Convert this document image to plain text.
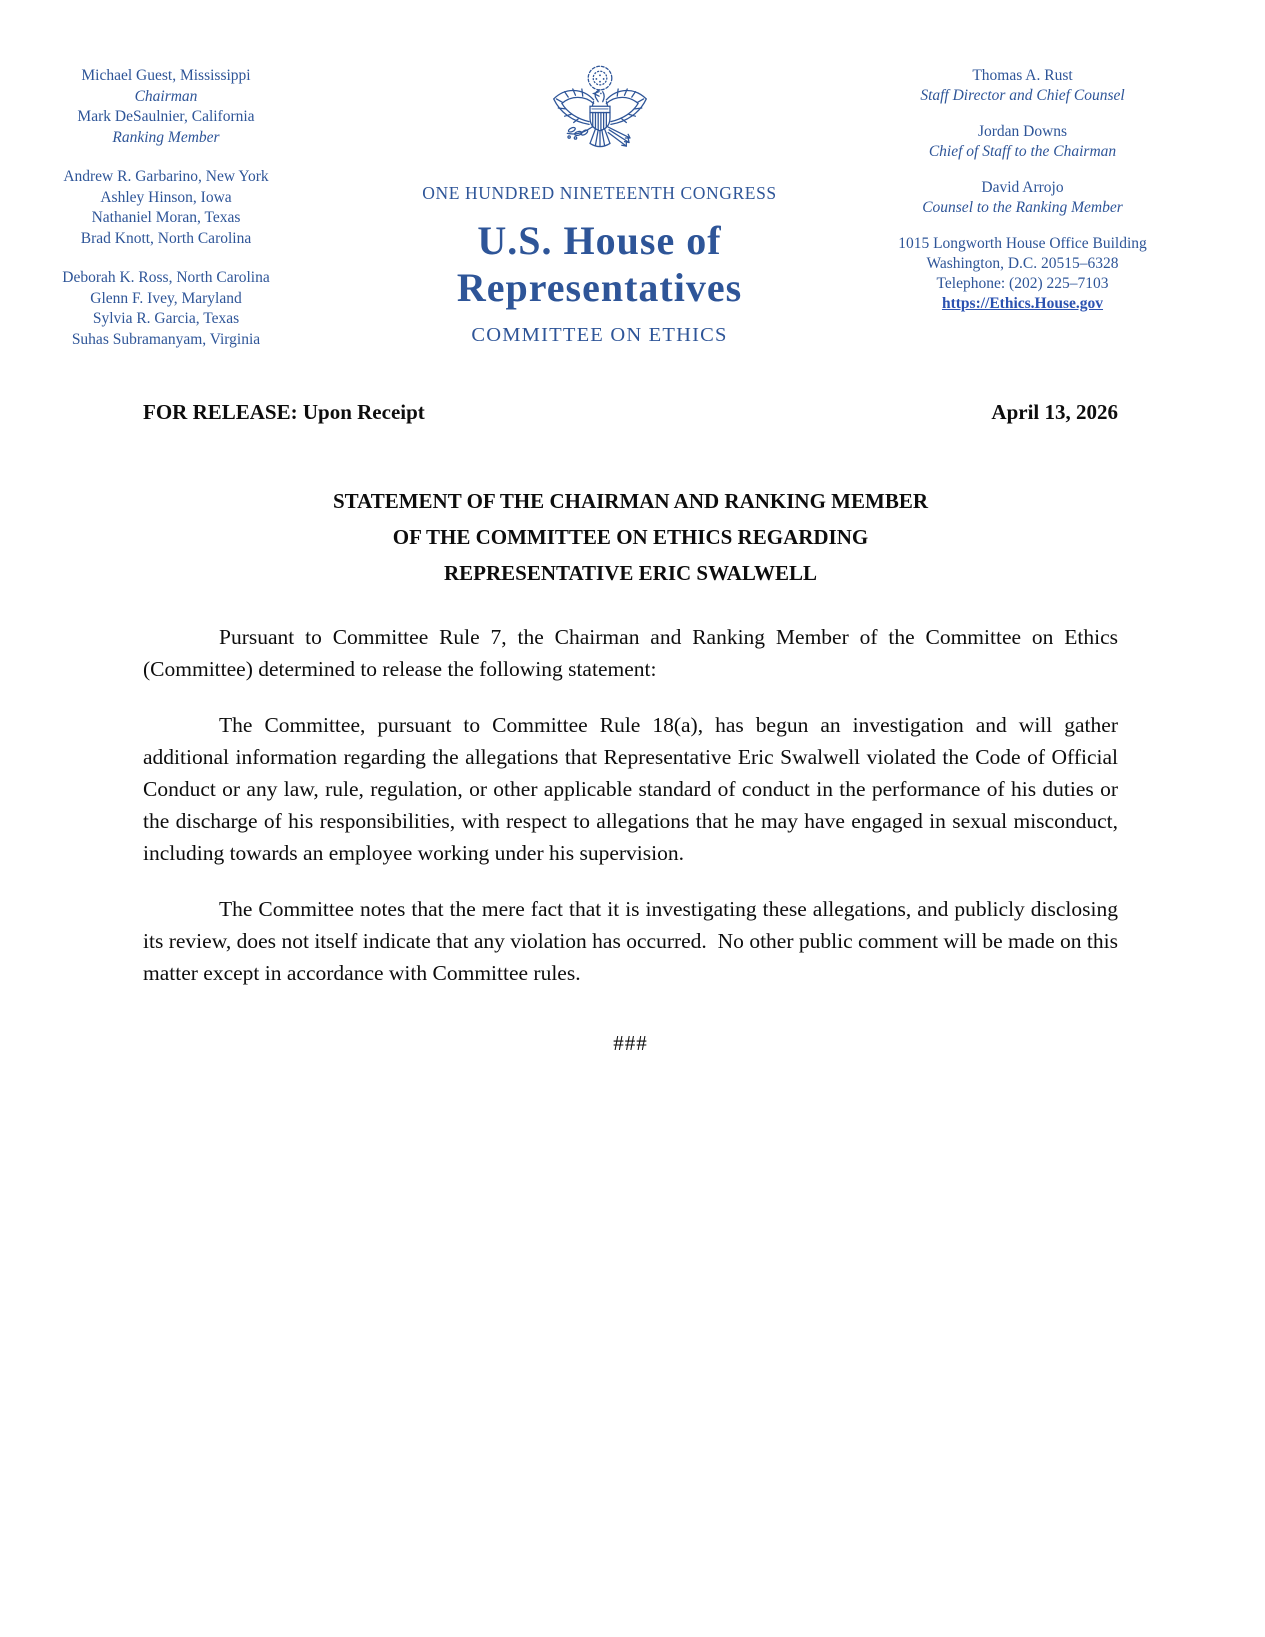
Michael Guest, Mississippi
Chairman
Mark DeSaulnier, California
Ranking Member
Andrew R. Garbarino, New York
Ashley Hinson, Iowa
Nathaniel Moran, Texas
Brad Knott, North Carolina
Deborah K. Ross, North Carolina
Glenn F. Ivey, Maryland
Sylvia R. Garcia, Texas
Suhas Subramanyam, Virginia
ONE HUNDRED NINETEENTH CONGRESS
U.S. House of Representatives
COMMITTEE ON ETHICS
Thomas A. Rust
Staff Director and Chief Counsel
Jordan Downs
Chief of Staff to the Chairman
David Arrojo
Counsel to the Ranking Member
1015 Longworth House Office Building
Washington, D.C. 20515–6328
Telephone: (202) 225–7103
https://Ethics.House.gov
FOR RELEASE: Upon Receipt	April 13, 2026
STATEMENT OF THE CHAIRMAN AND RANKING MEMBER
OF THE COMMITTEE ON ETHICS REGARDING
REPRESENTATIVE ERIC SWALWELL

Pursuant to Committee Rule 7, the Chairman and Ranking Member of the Committee on Ethics (Committee) determined to release the following statement:

The Committee, pursuant to Committee Rule 18(a), has begun an investigation and will gather additional information regarding the allegations that Representative Eric Swalwell violated the Code of Official Conduct or any law, rule, regulation, or other applicable standard of conduct in the performance of his duties or the discharge of his responsibilities, with respect to allegations that he may have engaged in sexual misconduct, including towards an employee working under his supervision.

The Committee notes that the mere fact that it is investigating these allegations, and publicly disclosing its review, does not itself indicate that any violation has occurred.  No other public comment will be made on this matter except in accordance with Committee rules.

###
